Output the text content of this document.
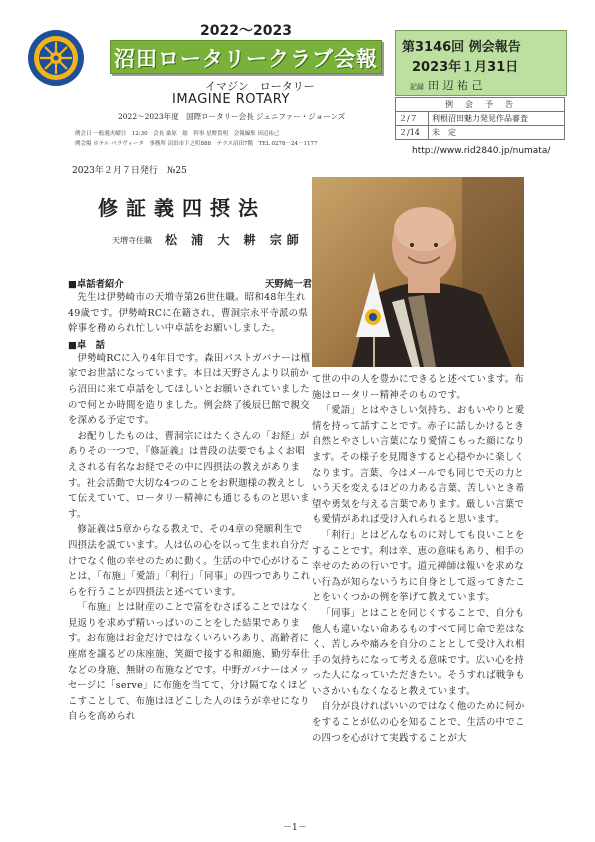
2022～2023
沼田ロータリークラブ会報
イマジン　ロータリー
IMAGINE ROTARY
2022～2023年度　国際ロータリー会長 ジェニファー・ジョーンズ
例会日 一般週火曜日　12:30　会長 桑原　総　幹事 星野貴明　会報編集 田辺祐己
例会場 ホテル ベラヴィータ　事務所 沼田市下之町888　テラス沼田7階　TEL 0278－24－1177
第3146回 例会報告
2023年１月31日
記録 田 辺 祐 己
例　会　予　告	
２/７	利根沼田魅力発見作品審査
２/14	未　定
http://www.rid2840.jp/numata/
2023年２月７日発行　№25
修証義四摂法
天増寺住職 松 浦 大 耕 宗師
■卓話者紹介	天野純一君
先生は伊勢崎市の天増寺第26世住職。昭和48年生れ49歳です。伊勢崎RCに在籍され、曹洞宗永平寺派の県幹事を務められ忙しい中卓話をお願いしました。
■卓　話
伊勢崎RCに入り4年目です。森田パストガバナーは檀家でお世話になっています。本日は天野さんより以前から沼田に来て卓話をしてほしいとお願いされていましたので何とか時間を造りました。例会終了後辰巳館で親交を深める予定です。
お配りしたものは、曹洞宗にはたくさんの「お経」がありその一つで、『修証義』は普段の法要でもよくお唱えされる有名なお経でその中に四摂法の教えがあります。社会活動で大切な4つのことをお釈迦様の教えとして伝えていて、ロータリー精神にも通じるものと思います。
修証義は5章からなる教えで、その4章の発願利生で四摂法を説ています。人は仏の心を以って生まれ自分だけでなく他の幸せのために動く。生活の中で心がけることは、「布施」「愛語」「利行」「同事」の四つでありこれらを行うことが四摂法と述べています。
「布施」とは財産のことで富をむさぼることではなく見返りを求めず精いっぱいのことをした結果であります。お布施はお金だけではなくいろいろあり、高齢者に座席を譲るどの床座施、笑顔で接する和顔施、勤労奉仕などの身施、無財の布施などです。中野ガバナーはメッセージに「serve」に布施を当てて、分け隔てなくほどこすことして、布施はほどこした人のほうが幸せになり自らを高められ
て世の中の人を豊かにできると述べています。布施はロータリー精神そのものです。
「愛語」とはやさしい気持ち、おもいやりと愛情を持って話すことです。赤子に話しかけるとき自然とやさしい言葉になり愛情こもった顔になります。その様子を見聞きすると心穏やかに楽しくなります。言葉、今はメールでも同じで天の力という天を変えるほどの力ある言葉、苦しいとき希望や勇気を与える言葉であります。厳しい言葉でも愛情があれば受け入れられると思います。
「利行」とはどんなものに対しても良いことをすることです。利は幸、恵の意味もあり、相手の幸せのための行いです。道元禅師は報いを求めない行為が知らないうちに自身として返ってきたことをいくつかの例を挙げて教えています。
「同事」とはことを同じくすることで、自分も他人も違いない命あるものすべて同じ命で差はなく、苦しみや痛みを自分のこととして受け入れ相手の気持ちになって考える意味です。広い心を持った人になっていただきたい。そうすれば戦争もいさかいもなくなると教えています。
自分が良ければいいのではなく他のために何かをすることが仏の心を知ることで、生活の中でこの四つを心がけて実践することが大
－1－
